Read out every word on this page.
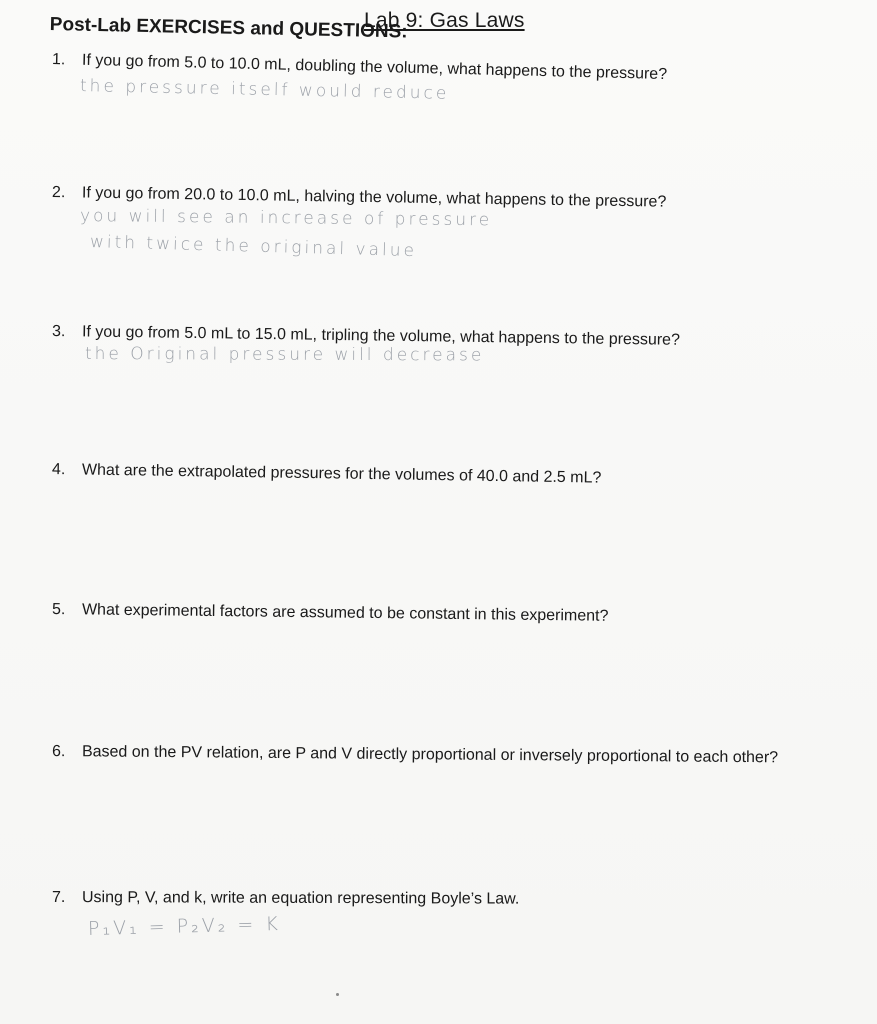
Lab 9: Gas Laws
Post-Lab EXERCISES and QUESTIONS:
1. If you go from 5.0 to 10.0 mL, doubling the volume, what happens to the pressure?
the pressure itself would reduce
2. If you go from 20.0 to 10.0 mL, halving the volume, what happens to the pressure?
you will see an increase of pressure
with twice the original value
3. If you go from 5.0 mL to 15.0 mL, tripling the volume, what happens to the pressure?
the Original pressure will decrease
4. What are the extrapolated pressures for the volumes of 40.0 and 2.5 mL?
5. What experimental factors are assumed to be constant in this experiment?
6. Based on the PV relation, are P and V directly proportional or inversely proportional to each other?
7. Using P, V, and k, write an equation representing Boyle’s Law.
P₁V₁ = P₂V₂ = K
